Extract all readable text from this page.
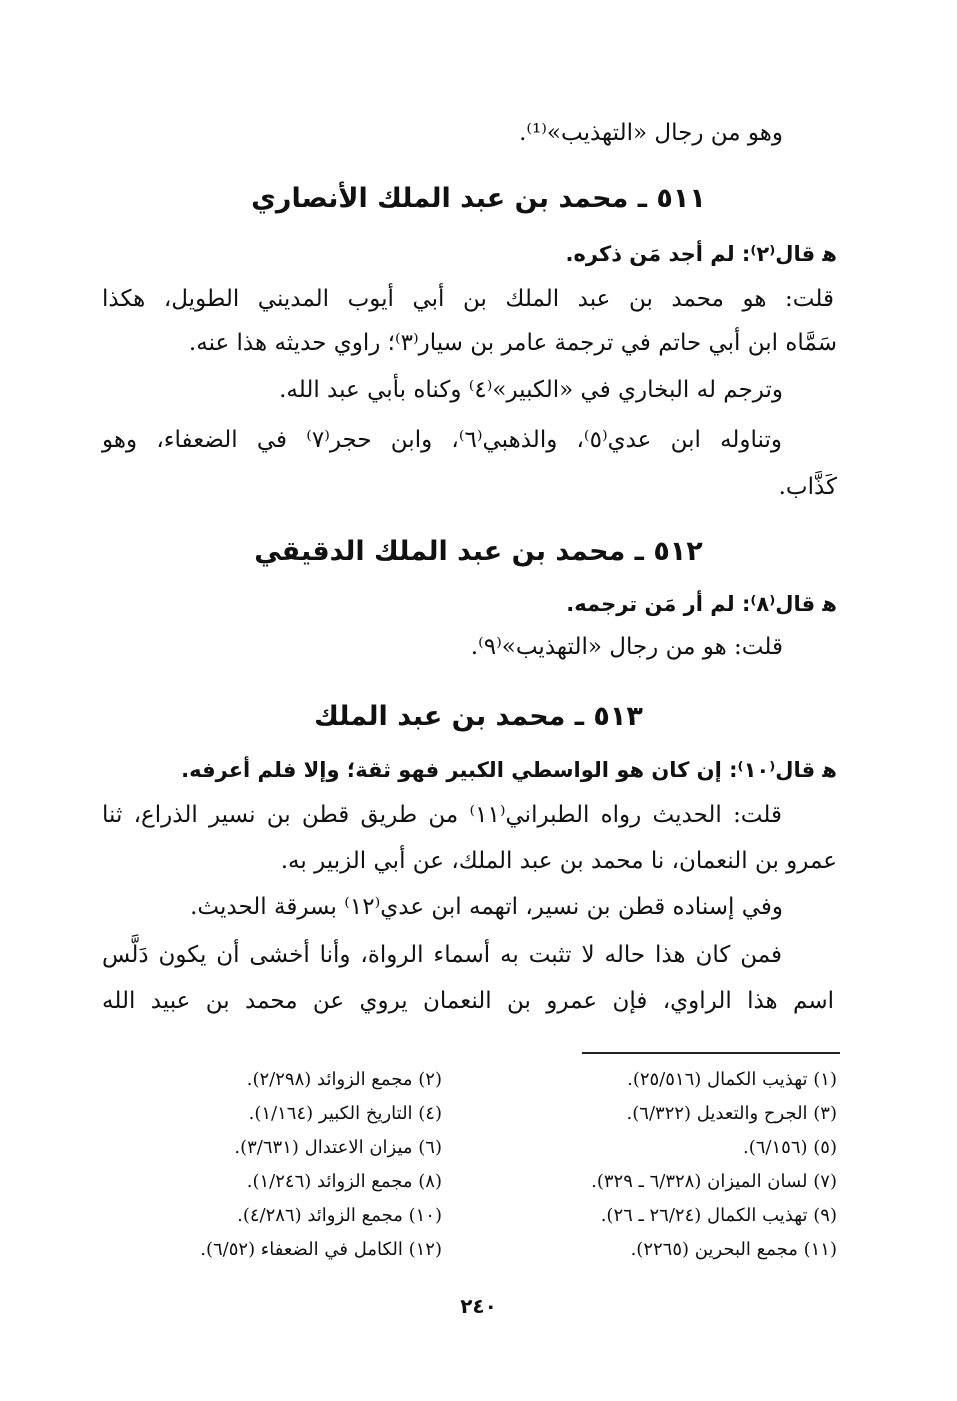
وهو من رجال «التهذيب»⁽¹⁾.
٥١١ ـ محمد بن عبد الملك الأنصاري
ﻫ قال⁽٢⁾: لم أجد مَن ذكره.
قلت: هو محمد بن عبد الملك بن أبي أيوب المديني الطويل، هكذا
سَمَّاه ابن أبي حاتم في ترجمة عامر بن سيار⁽٣⁾؛ راوي حديثه هذا عنه.
وترجم له البخاري في «الكبير»⁽٤⁾ وكناه بأبي عبد الله.
وتناوله ابن عدي⁽٥⁾، والذهبي⁽٦⁾، وابن حجر⁽٧⁾ في الضعفاء، وهو
كَذَّاب.
٥١٢ ـ محمد بن عبد الملك الدقيقي
ﻫ قال⁽٨⁾: لم أر مَن ترجمه.
قلت: هو من رجال «التهذيب»⁽٩⁾.
٥١٣ ـ محمد بن عبد الملك
ﻫ قال⁽١٠⁾: إن كان هو الواسطي الكبير فهو ثقة؛ وإلا فلم أعرفه.
قلت: الحديث رواه الطبراني⁽١١⁾ من طريق قطن بن نسير الذراع، ثنا
عمرو بن النعمان، نا محمد بن عبد الملك، عن أبي الزبير به.
وفي إسناده قطن بن نسير، اتهمه ابن عدي⁽١٢⁾ بسرقة الحديث.
فمن كان هذا حاله لا تثبت به أسماء الرواة، وأنا أخشى أن يكون دَلَّس
اسم هذا الراوي، فإن عمرو بن النعمان يروي عن محمد بن عبيد الله
(١) تهذيب الكمال (٢٥/٥١٦).
(٣) الجرح والتعديل (٦/٣٢٢).
(٥) (٦/١٥٦).
(٧) لسان الميزان (٦/٣٢٨ ـ ٣٢٩).
(٩) تهذيب الكمال (٢٦/٢٤ ـ ٢٦).
(١١) مجمع البحرين (٢٢٦٥).
(٢) مجمع الزوائد (٢/٢٩٨).
(٤) التاريخ الكبير (١/١٦٤).
(٦) ميزان الاعتدال (٣/٦٣١).
(٨) مجمع الزوائد (١/٢٤٦).
(١٠) مجمع الزوائد (٤/٢٨٦).
(١٢) الكامل في الضعفاء (٦/٥٢).
٢٤٠
